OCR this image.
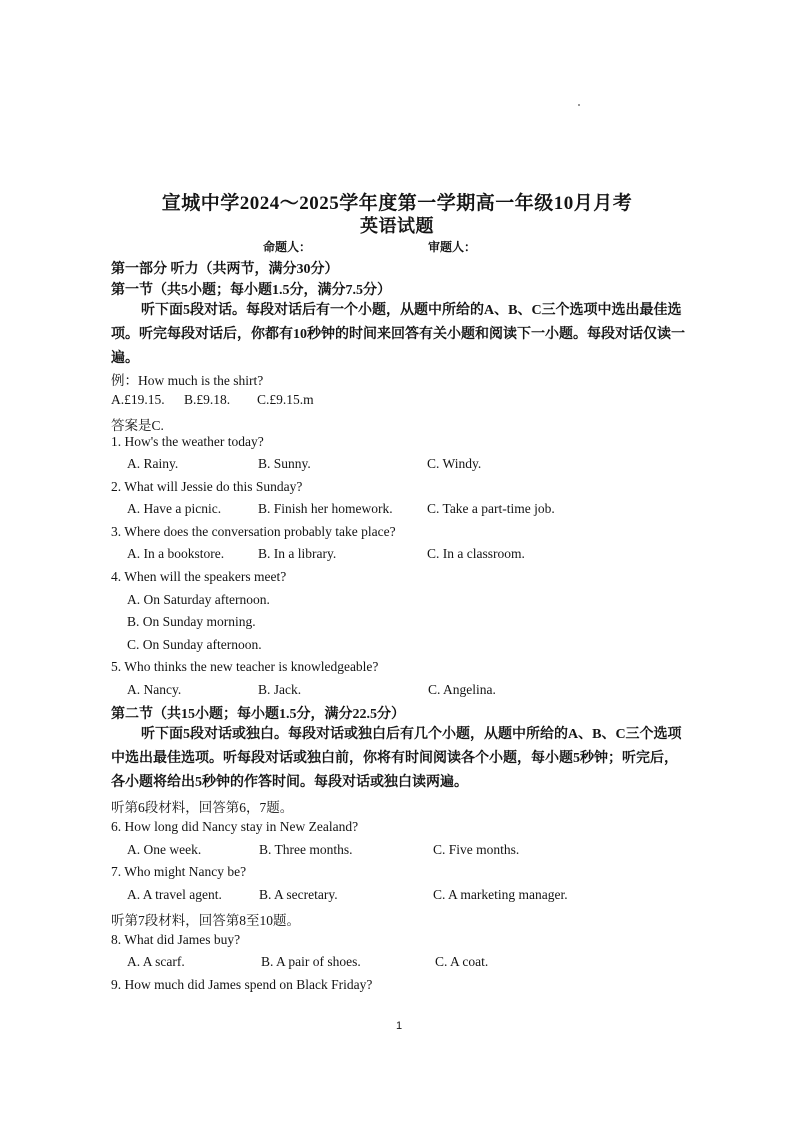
宣城中学2024～2025学年度第一学期高一年级10月月考
英语试题
命题人：	审题人：
第一部分 听力（共两节，满分30分）
第一节（共5小题；每小题1.5分，满分7.5分）
听下面5段对话。每段对话后有一个小题，从题中所给的A、B、C三个选项中选出最佳选项。听完每段对话后，你都有10秒钟的时间来回答有关小题和阅读下一小题。每段对话仅读一遍。
例：How much is the shirt?
A.£19.15. B.£9.18. C.£9.15.m
答案是C.
1. How's the weather today?
A. Rainy.	B. Sunny.	C. Windy.
2. What will Jessie do this Sunday?
A. Have a picnic.	B. Finish her homework.	C. Take a part-time job.
3. Where does the conversation probably take place?
A. In a bookstore.	B. In a library.	C. In a classroom.
4. When will the speakers meet?
A. On Saturday afternoon.
B. On Sunday morning.
C. On Sunday afternoon.
5. Who thinks the new teacher is knowledgeable?
A. Nancy.	B. Jack.	C. Angelina.
第二节（共15小题；每小题1.5分，满分22.5分）
听下面5段对话或独白。每段对话或独白后有几个小题，从题中所给的A、B、C三个选项中选出最佳选项。听每段对话或独白前，你将有时间阅读各个小题，每小题5秒钟；听完后，各小题将给出5秒钟的作答时间。每段对话或独白读两遍。
听第6段材料，回答第6，7题。
6. How long did Nancy stay in New Zealand?
A. One week.	B. Three months.	C. Five months.
7. Who might Nancy be?
A. A travel agent.	B. A secretary.	C. A marketing manager.
听第7段材料，回答第8至10题。
8. What did James buy?
A. A scarf.	B. A pair of shoes.	C. A coat.
9. How much did James spend on Black Friday?
1
